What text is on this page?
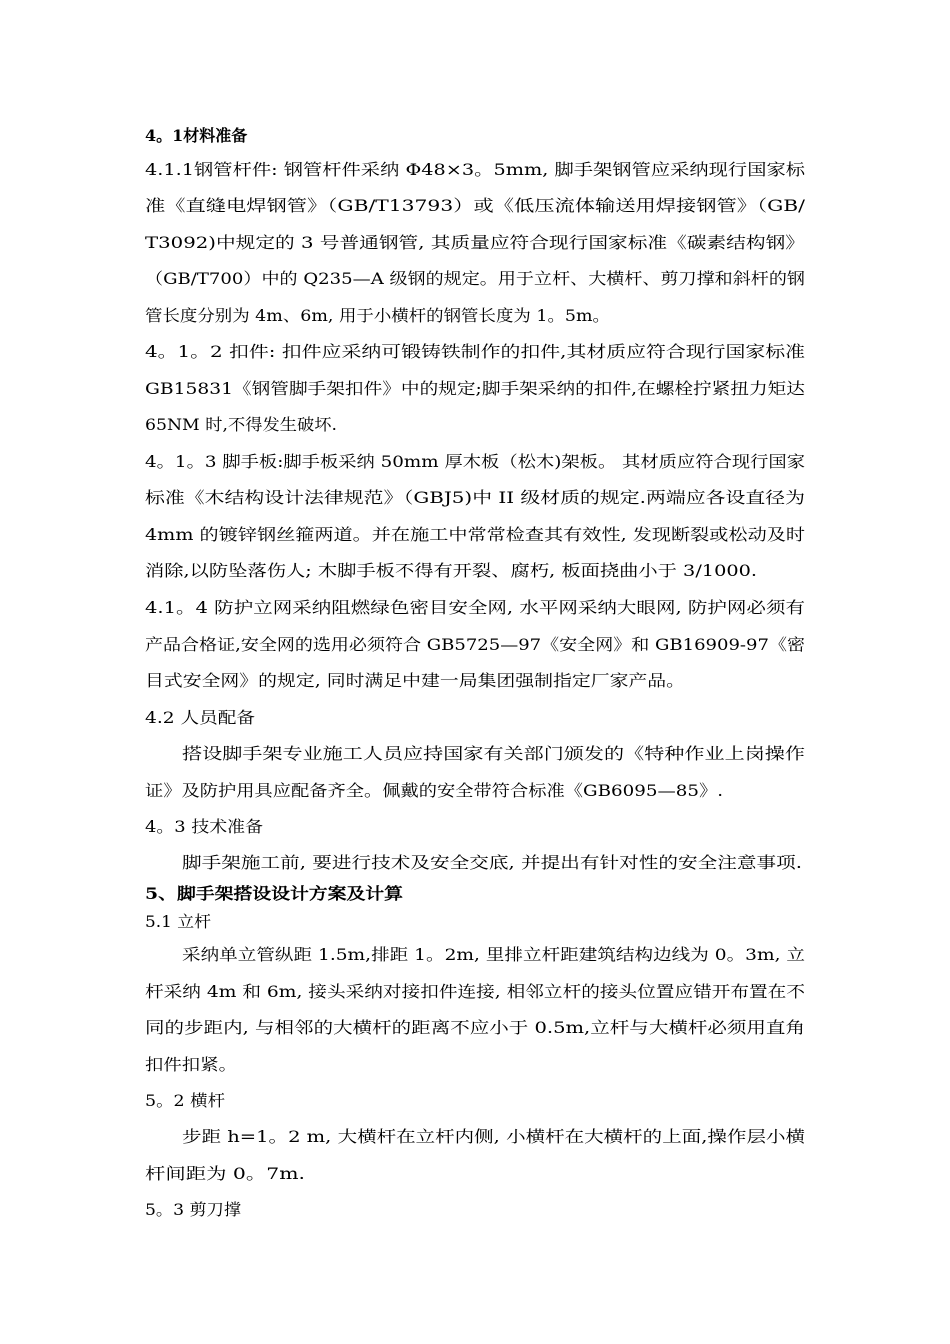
4。1材料准备
4.1.1钢管杆件: 钢管杆件采纳 Φ48×3。5mm, 脚手架钢管应采纳现行国家标
准《直缝电焊钢管》（GB/T13793）或《低压流体输送用焊接钢管》（GB/
T3092)中规定的 3 号普通钢管, 其质量应符合现行国家标准《碳素结构钢》
（GB/T700）中的 Q235—A 级钢的规定。用于立杆、大横杆、剪刀撑和斜杆的钢
管长度分别为 4m、6m, 用于小横杆的钢管长度为 1。5m。
4。1。2 扣件: 扣件应采纳可锻铸铁制作的扣件,其材质应符合现行国家标准
GB15831《钢管脚手架扣件》中的规定;脚手架采纳的扣件,在螺栓拧紧扭力矩达
65NM 时,不得发生破坏.
4。1。3 脚手板:脚手板采纳 50mm 厚木板（松木)架板。 其材质应符合现行国家
标准《木结构设计法律规范》（GBJ5)中 II 级材质的规定.两端应各设直径为
4mm 的镀锌钢丝箍两道。并在施工中常常检查其有效性, 发现断裂或松动及时
消除,以防坠落伤人; 木脚手板不得有开裂、腐朽, 板面挠曲小于 3/1000.
4.1。4 防护立网采纳阻燃绿色密目安全网, 水平网采纳大眼网, 防护网必须有
产品合格证,安全网的选用必须符合 GB5725—97《安全网》和 GB16909-97《密
目式安全网》的规定, 同时满足中建一局集团强制指定厂家产品。
4.2 人员配备
搭设脚手架专业施工人员应持国家有关部门颁发的《特种作业上岗操作
证》及防护用具应配备齐全。佩戴的安全带符合标准《GB6095—85》.
4。3 技术准备
脚手架施工前, 要进行技术及安全交底, 并提出有针对性的安全注意事项.
5、脚手架搭设设计方案及计算
5.1 立杆
采纳单立管纵距 1.5m,排距 1。2m, 里排立杆距建筑结构边线为 0。3m, 立
杆采纳 4m 和 6m, 接头采纳对接扣件连接, 相邻立杆的接头位置应错开布置在不
同的步距内, 与相邻的大横杆的距离不应小于 0.5m,立杆与大横杆必须用直角
扣件扣紧。
5。2 横杆
步距 h=1。2 m, 大横杆在立杆内侧, 小横杆在大横杆的上面,操作层小横
杆间距为 0。7m.
5。3 剪刀撑
